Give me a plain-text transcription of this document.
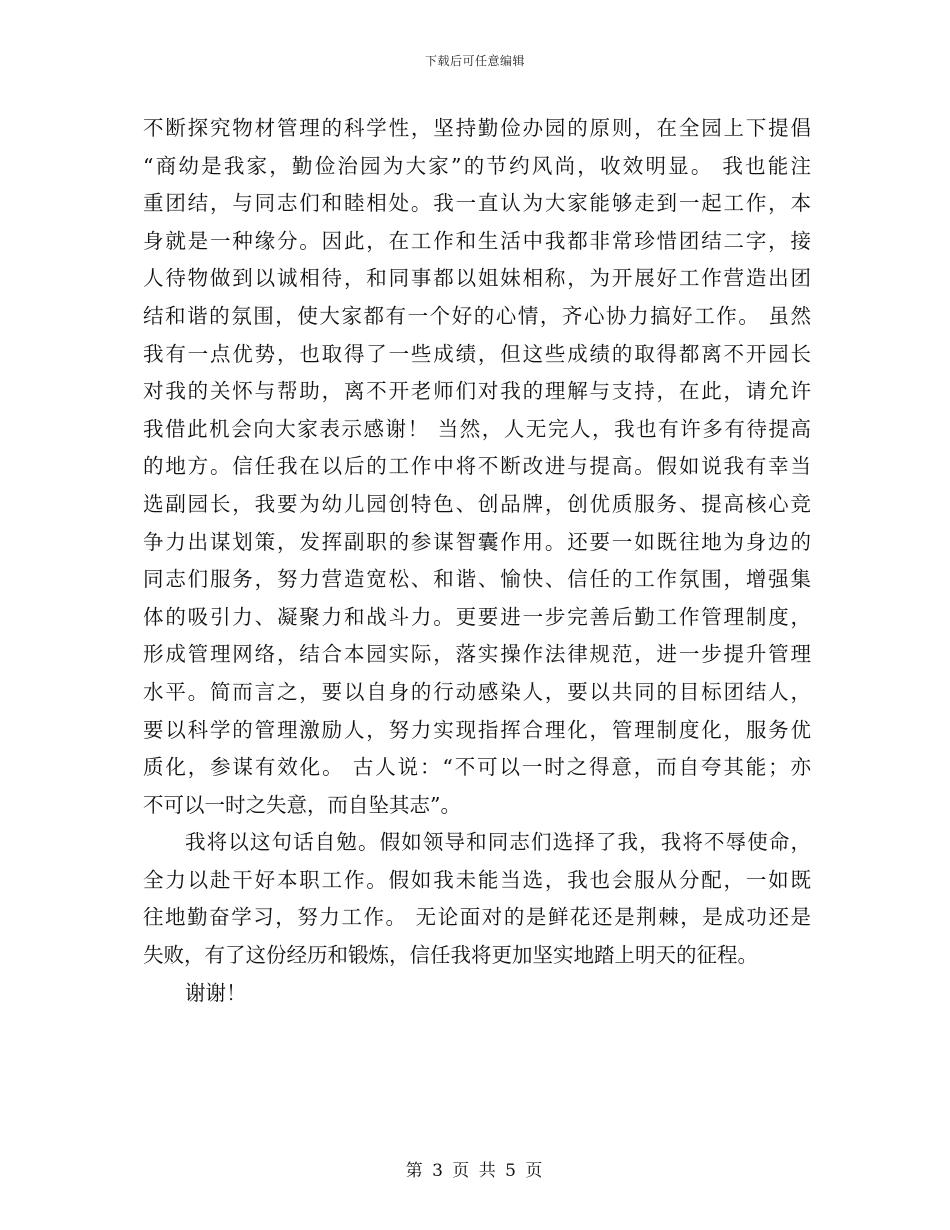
下载后可任意编辑
不断探究物材管理的科学性，坚持勤俭办园的原则，在全园上下提倡
“商幼是我家，勤俭治园为大家”的节约风尚，收效明显。 我也能注
重团结，与同志们和睦相处。我一直认为大家能够走到一起工作，本
身就是一种缘分。因此，在工作和生活中我都非常珍惜团结二字，接
人待物做到以诚相待，和同事都以姐妹相称，为开展好工作营造出团
结和谐的氛围，使大家都有一个好的心情，齐心协力搞好工作。 虽然
我有一点优势，也取得了一些成绩，但这些成绩的取得都离不开园长
对我的关怀与帮助，离不开老师们对我的理解与支持，在此，请允许
我借此机会向大家表示感谢！ 当然，人无完人，我也有许多有待提高
的地方。信任我在以后的工作中将不断改进与提高。假如说我有幸当
选副园长，我要为幼儿园创特色、创品牌，创优质服务、提高核心竞
争力出谋划策，发挥副职的参谋智囊作用。还要一如既往地为身边的
同志们服务，努力营造宽松、和谐、愉快、信任的工作氛围，增强集
体的吸引力、凝聚力和战斗力。更要进一步完善后勤工作管理制度，
形成管理网络，结合本园实际，落实操作法律规范，进一步提升管理
水平。简而言之，要以自身的行动感染人，要以共同的目标团结人，
要以科学的管理激励人，努力实现指挥合理化，管理制度化，服务优
质化，参谋有效化。 古人说：“不可以一时之得意，而自夸其能；亦
不可以一时之失意，而自坠其志”。
我将以这句话自勉。假如领导和同志们选择了我，我将不辱使命，
全力以赴干好本职工作。假如我未能当选，我也会服从分配，一如既
往地勤奋学习，努力工作。 无论面对的是鲜花还是荆棘，是成功还是
失败，有了这份经历和锻炼，信任我将更加坚实地踏上明天的征程。
谢谢！
第 3 页 共 5 页
